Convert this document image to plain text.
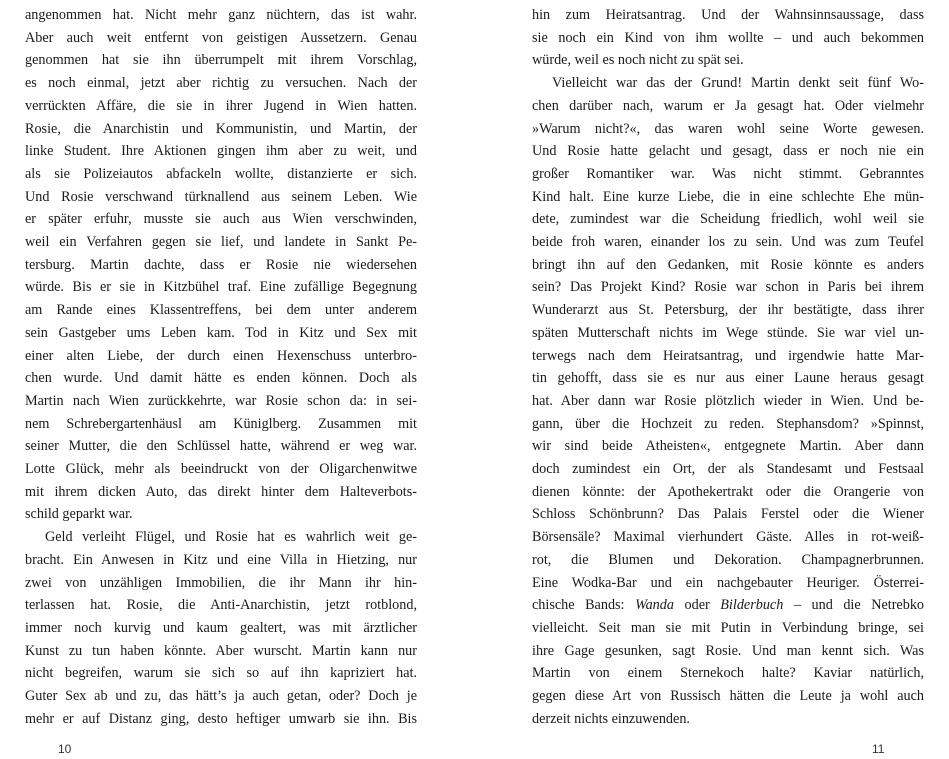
angenommen hat. Nicht mehr ganz nüchtern, das ist wahr.
Aber auch weit entfernt von geistigen Aussetzern. Genau
genommen hat sie ihn überrumpelt mit ihrem Vorschlag,
es noch einmal, jetzt aber richtig zu versuchen. Nach der
verrückten Affäre, die sie in ihrer Jugend in Wien hatten.
Rosie, die Anarchistin und Kommunistin, und Martin, der
linke Student. Ihre Aktionen gingen ihm aber zu weit, und
als sie Polizeiautos abfackeln wollte, distanzierte er sich.
Und Rosie verschwand türknallend aus seinem Leben. Wie
er später erfuhr, musste sie auch aus Wien verschwinden,
weil ein Verfahren gegen sie lief, und landete in Sankt Pe-
tersburg. Martin dachte, dass er Rosie nie wiedersehen
würde. Bis er sie in Kitzbühel traf. Eine zufällige Begegnung
am Rande eines Klassentreffens, bei dem unter anderem
sein Gastgeber ums Leben kam. Tod in Kitz und Sex mit
einer alten Liebe, der durch einen Hexenschuss unterbro-
chen wurde. Und damit hätte es enden können. Doch als
Martin nach Wien zurückkehrte, war Rosie schon da: in sei-
nem Schrebergartenhäusl am Küniglberg. Zusammen mit
seiner Mutter, die den Schlüssel hatte, während er weg war.
Lotte Glück, mehr als beeindruckt von der Oligarchenwitwe
mit ihrem dicken Auto, das direkt hinter dem Halteverbots-
schild geparkt war.
Geld verleiht Flügel, und Rosie hat es wahrlich weit ge-
bracht. Ein Anwesen in Kitz und eine Villa in Hietzing, nur
zwei von unzähligen Immobilien, die ihr Mann ihr hin-
terlassen hat. Rosie, die Anti-Anarchistin, jetzt rotblond,
immer noch kurvig und kaum gealtert, was mit ärztlicher
Kunst zu tun haben könnte. Aber wurscht. Martin kann nur
nicht begreifen, warum sie sich so auf ihn kapriziert hat.
Guter Sex ab und zu, das hätt’s ja auch getan, oder? Doch je
mehr er auf Distanz ging, desto heftiger umwarb sie ihn. Bis
hin zum Heiratsantrag. Und der Wahnsinnsaussage, dass
sie noch ein Kind von ihm wollte – und auch bekommen
würde, weil es noch nicht zu spät sei.
Vielleicht war das der Grund! Martin denkt seit fünf Wo-
chen darüber nach, warum er Ja gesagt hat. Oder vielmehr
»Warum nicht?«, das waren wohl seine Worte gewesen.
Und Rosie hatte gelacht und gesagt, dass er noch nie ein
großer Romantiker war. Was nicht stimmt. Gebranntes
Kind halt. Eine kurze Liebe, die in eine schlechte Ehe mün-
dete, zumindest war die Scheidung friedlich, wohl weil sie
beide froh waren, einander los zu sein. Und was zum Teufel
bringt ihn auf den Gedanken, mit Rosie könnte es anders
sein? Das Projekt Kind? Rosie war schon in Paris bei ihrem
Wunderarzt aus St. Petersburg, der ihr bestätigte, dass ihrer
späten Mutterschaft nichts im Wege stünde. Sie war viel un-
terwegs nach dem Heiratsantrag, und irgendwie hatte Mar-
tin gehofft, dass sie es nur aus einer Laune heraus gesagt
hat. Aber dann war Rosie plötzlich wieder in Wien. Und be-
gann, über die Hochzeit zu reden. Stephansdom? »Spinnst,
wir sind beide Atheisten«, entgegnete Martin. Aber dann
doch zumindest ein Ort, der als Standesamt und Festsaal
dienen könnte: der Apothekertrakt oder die Orangerie von
Schloss Schönbrunn? Das Palais Ferstel oder die Wiener
Börsensäle? Maximal vierhundert Gäste. Alles in rot-weiß-
rot, die Blumen und Dekoration. Champagnerbrunnen.
Eine Wodka-Bar und ein nachgebauter Heuriger. Österrei-
chische Bands: Wanda oder Bilderbuch – und die Netrebko
vielleicht. Seit man sie mit Putin in Verbindung bringe, sei
ihre Gage gesunken, sagt Rosie. Und man kennt sich. Was
Martin von einem Sternekoch halte? Kaviar natürlich,
gegen diese Art von Russisch hätten die Leute ja wohl auch
derzeit nichts einzuwenden.
10	11
